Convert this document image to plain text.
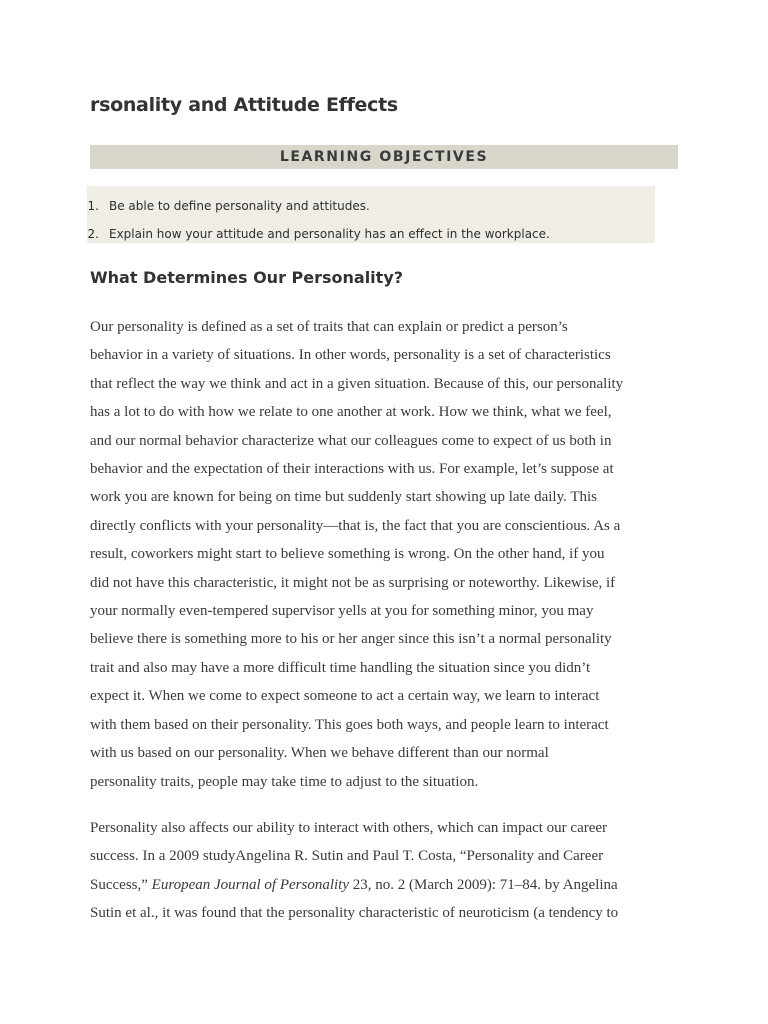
rsonality and Attitude Effects
LEARNING OBJECTIVES
1. Be able to define personality and attitudes.
2. Explain how your attitude and personality has an effect in the workplace.
What Determines Our Personality?

Our personality is defined as a set of traits that can explain or predict a person’s
behavior in a variety of situations. In other words, personality is a set of characteristics
that reflect the way we think and act in a given situation. Because of this, our personality
has a lot to do with how we relate to one another at work. How we think, what we feel,
and our normal behavior characterize what our colleagues come to expect of us both in
behavior and the expectation of their interactions with us. For example, let’s suppose at
work you are known for being on time but suddenly start showing up late daily. This
directly conflicts with your personality—that is, the fact that you are conscientious. As a
result, coworkers might start to believe something is wrong. On the other hand, if you
did not have this characteristic, it might not be as surprising or noteworthy. Likewise, if
your normally even-tempered supervisor yells at you for something minor, you may
believe there is something more to his or her anger since this isn’t a normal personality
trait and also may have a more difficult time handling the situation since you didn’t
expect it. When we come to expect someone to act a certain way, we learn to interact
with them based on their personality. This goes both ways, and people learn to interact
with us based on our personality. When we behave different than our normal
personality traits, people may take time to adjust to the situation.

Personality also affects our ability to interact with others, which can impact our career
success. In a 2009 studyAngelina R. Sutin and Paul T. Costa, “Personality and Career
Success,” European Journal of Personality 23, no. 2 (March 2009): 71–84. by Angelina
Sutin et al., it was found that the personality characteristic of neuroticism (a tendency to
